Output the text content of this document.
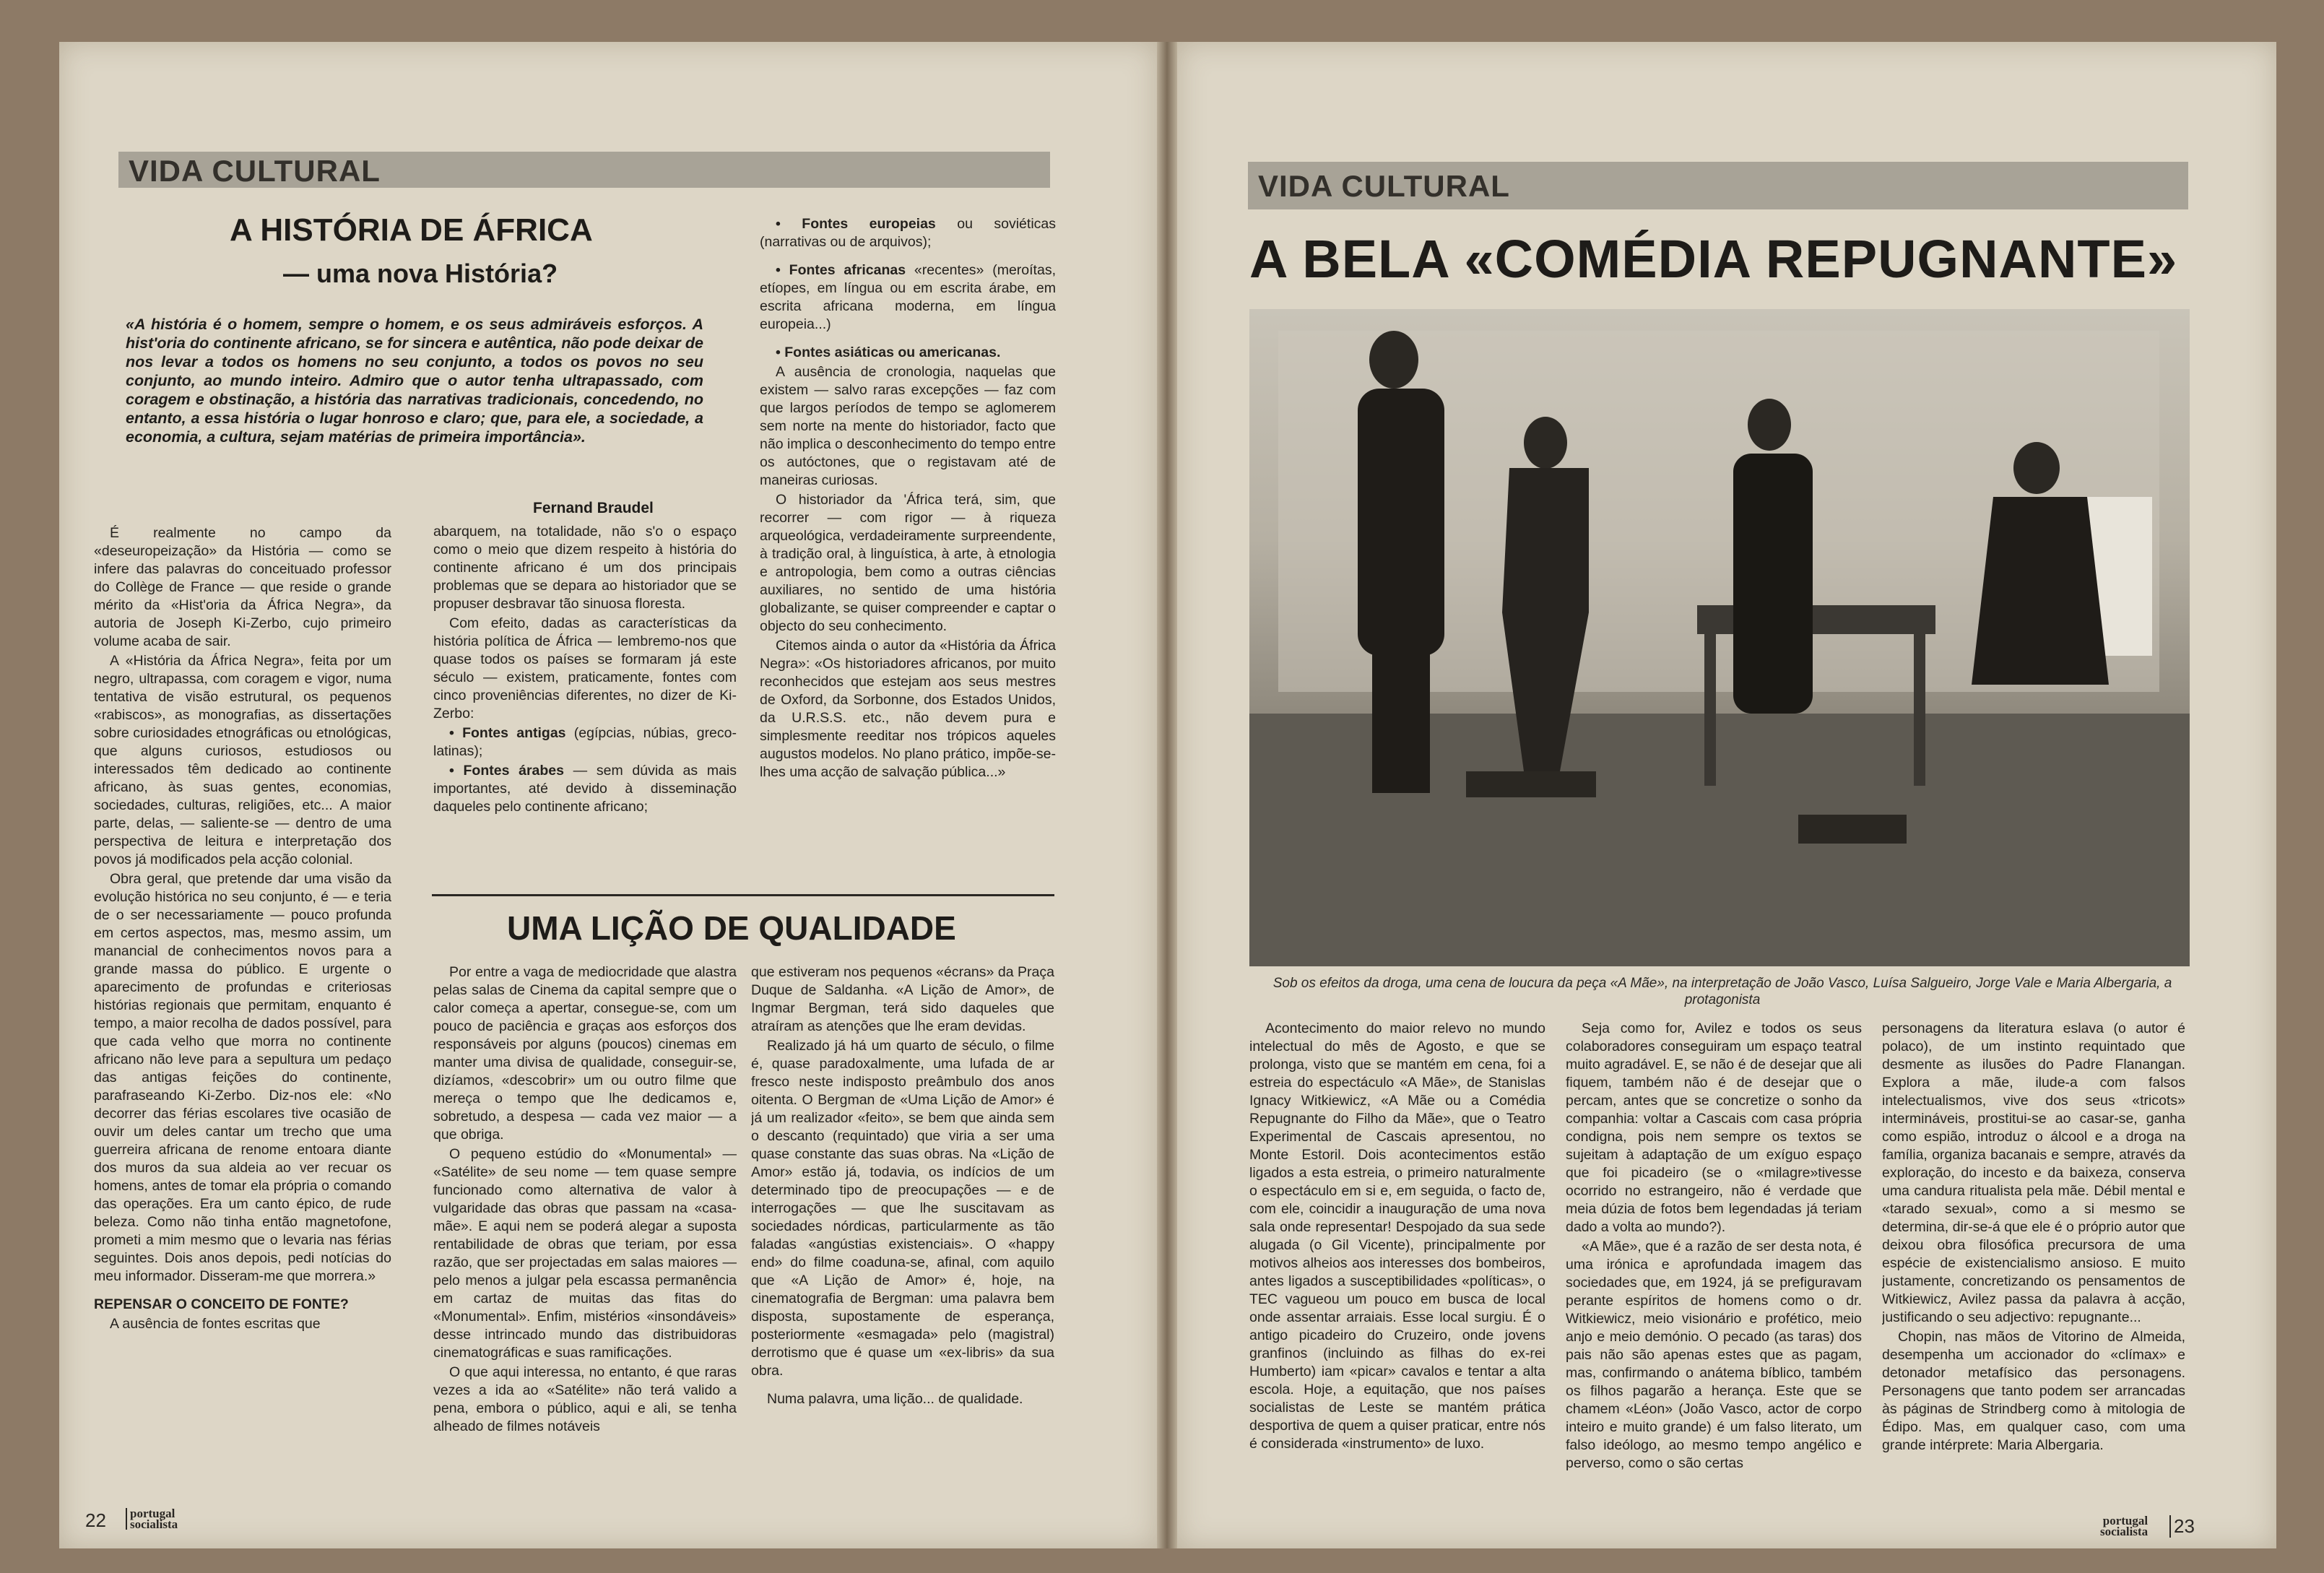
VIDA CULTURAL
A HISTÓRIA DE ÁFRICA
— uma nova História?
«A história é o homem, sempre o homem, e os seus admiráveis esforços. A hist'oria do continente africano, se for sincera e autêntica, não pode deixar de nos levar a todos os homens no seu conjunto, a todos os povos no seu conjunto, ao mundo inteiro. Admiro que o autor tenha ultrapassado, com coragem e obstinação, a história das narrativas tradicionais, concedendo, no entanto, a essa história o lugar honroso e claro; que, para ele, a sociedade, a economia, a cultura, sejam matérias de primeira importância».
Fernand Braudel

É realmente no campo da «deseuropeização» da História — como se infere das palavras do conceituado professor do Collège de France — que reside o grande mérito da «Hist'oria da África Negra», da autoria de Joseph Ki-Zerbo, cujo primeiro volume acaba de sair.

A «História da África Negra», feita por um negro, ultrapassa, com coragem e vigor, numa tentativa de visão estrutural, os pequenos «rabiscos», as monografias, as dissertações sobre curiosidades etnográficas ou etnológicas, que alguns curiosos, estudiosos ou interessados têm dedicado ao continente africano, às suas gentes, economias, sociedades, culturas, religiões, etc... A maior parte, delas, — saliente-se — dentro de uma perspectiva de leitura e interpretação dos povos já modificados pela acção colonial.

Obra geral, que pretende dar uma visão da evolução histórica no seu conjunto, é — e teria de o ser necessariamente — pouco profunda em certos aspectos, mas, mesmo assim, um manancial de conhecimentos novos para a grande massa do público. E urgente o aparecimento de profundas e criteriosas histórias regionais que permitam, enquanto é tempo, a maior recolha de dados possível, para que cada velho que morra no continente africano não leve para a sepultura um pedaço das antigas feições do continente, parafraseando Ki-Zerbo. Diz-nos ele: «No decorrer das férias escolares tive ocasião de ouvir um deles cantar um trecho que uma guerreira africana de renome entoara diante dos muros da sua aldeia ao ver recuar os homens, antes de tomar ela própria o comando das operações. Era um canto épico, de rude beleza. Como não tinha então magnetofone, prometi a mim mesmo que o levaria nas férias seguintes. Dois anos depois, pedi notícias do meu informador. Disseram-me que morrera.»

REPENSAR O CONCEITO DE FONTE?

A ausência de fontes escritas que

abarquem, na totalidade, não s'o o espaço como o meio que dizem respeito à história do continente africano é um dos principais problemas que se depara ao historiador que se propuser desbravar tão sinuosa floresta.

Com efeito, dadas as características da história política de África — lembremo-nos que quase todos os países se formaram já este século — existem, praticamente, fontes com cinco proveniências diferentes, no dizer de Ki-Zerbo:

• Fontes antigas (egípcias, núbias, greco-latinas);

• Fontes árabes — sem dúvida as mais importantes, até devido à disseminação daqueles pelo continente africano;

• Fontes europeias ou soviéticas (narrativas ou de arquivos);

• Fontes africanas «recentes» (meroítas, etíopes, em língua ou em escrita árabe, em escrita africana moderna, em língua europeia...)

• Fontes asiáticas ou americanas.

A ausência de cronologia, naquelas que existem — salvo raras excepções — faz com que largos períodos de tempo se aglomerem sem norte na mente do historiador, facto que não implica o desconhecimento do tempo entre os autóctones, que o registavam até de maneiras curiosas.

O historiador da 'África terá, sim, que recorrer — com rigor — à riqueza arqueológica, verdadeiramente surpreendente, à tradição oral, à linguística, à arte, à etnologia e antropologia, bem como a outras ciências auxiliares, no sentido de uma história globalizante, se quiser compreender e captar o objecto do seu conhecimento.

Citemos ainda o autor da «História da África Negra»: «Os historiadores africanos, por muito reconhecidos que estejam aos seus mestres de Oxford, da Sorbonne, dos Estados Unidos, da U.R.S.S. etc., não devem pura e simplesmente reeditar nos trópicos aqueles augustos modelos. No plano prático, impõe-se-lhes uma acção de salvação pública...»

UMA LIÇÃO DE QUALIDADE

Por entre a vaga de mediocridade que alastra pelas salas de Cinema da capital sempre que o calor começa a apertar, consegue-se, com um pouco de paciência e graças aos esforços dos responsáveis por alguns (poucos) cinemas em manter uma divisa de qualidade, conseguir-se, dizíamos, «descobrir» um ou outro filme que mereça o tempo que lhe dedicamos e, sobretudo, a despesa — cada vez maior — a que obriga.

O pequeno estúdio do «Monumental» — «Satélite» de seu nome — tem quase sempre funcionado como alternativa de valor à vulgaridade das obras que passam na «casa-mãe». E aqui nem se poderá alegar a suposta rentabilidade de obras que teriam, por essa razão, que ser projectadas em salas maiores — pelo menos a julgar pela escassa permanência em cartaz de muitas das fitas do «Monumental». Enfim, mistérios «insondáveis» desse intrincado mundo das distribuidoras cinematográficas e suas ramificações.

O que aqui interessa, no entanto, é que raras vezes a ida ao «Satélite» não terá valido a pena, embora o público, aqui e ali, se tenha alheado de filmes notáveis

que estiveram nos pequenos «écrans» da Praça Duque de Saldanha. «A Lição de Amor», de Ingmar Bergman, terá sido daqueles que atraíram as atenções que lhe eram devidas.

Realizado já há um quarto de século, o filme é, quase paradoxalmente, uma lufada de ar fresco neste indisposto preâmbulo dos anos oitenta. O Bergman de «Uma Lição de Amor» é já um realizador «feito», se bem que ainda sem o descanto (requintado) que viria a ser uma quase constante das suas obras. Na «Lição de Amor» estão já, todavia, os indícios de um determinado tipo de preocupações — e de interrogações — que lhe suscitavam as sociedades nórdicas, particularmente as tão faladas «angústias existenciais». O «happy end» do filme coaduna-se, afinal, com aquilo que «A Lição de Amor» é, hoje, na cinematografia de Bergman: uma palavra bem disposta, supostamente de esperança, posteriormente «esmagada» pelo (magistral) derrotismo que é quase um «ex-libris» da sua obra.

Numa palavra, uma lição... de qualidade.

22 portugal
socialista
VIDA CULTURAL
A BELA «COMÉDIA REPUGNANTE»
Sob os efeitos da droga, uma cena de loucura da peça «A Mãe», na interpretação de João Vasco, Luísa Salgueiro, Jorge Vale e Maria Albergaria, a protagonista

Acontecimento do maior relevo no mundo intelectual do mês de Agosto, e que se prolonga, visto que se mantém em cena, foi a estreia do espectáculo «A Mãe», de Stanislas Ignacy Witkiewicz, «A Mãe ou a Comédia Repugnante do Filho da Mãe», que o Teatro Experimental de Cascais apresentou, no Monte Estoril. Dois acontecimentos estão ligados a esta estreia, o primeiro naturalmente o espectáculo em si e, em seguida, o facto de, com ele, coincidir a inauguração de uma nova sala onde representar! Despojado da sua sede alugada (o Gil Vicente), principalmente por motivos alheios aos interesses dos bombeiros, antes ligados a susceptibilidades «políticas», o TEC vagueou um pouco em busca de local onde assentar arraiais. Esse local surgiu. É o antigo picadeiro do Cruzeiro, onde jovens granfinos (incluindo as filhas do ex-rei Humberto) iam «picar» cavalos e tentar a alta escola. Hoje, a equitação, que nos países socialistas de Leste se mantém prática desportiva de quem a quiser praticar, entre nós é considerada «instrumento» de luxo.

Seja como for, Avilez e todos os seus colaboradores conseguiram um espaço teatral muito agradável. E, se não é de desejar que ali fiquem, também não é de desejar que o percam, antes que se concretize o sonho da companhia: voltar a Cascais com casa própria condigna, pois nem sempre os textos se sujeitam à adaptação de um exíguo espaço que foi picadeiro (se o «milagre»tivesse ocorrido no estrangeiro, não é verdade que meia dúzia de fotos bem legendadas já teriam dado a volta ao mundo?).

«A Mãe», que é a razão de ser desta nota, é uma irónica e aprofundada imagem das sociedades que, em 1924, já se prefiguravam perante espíritos de homens como o dr. Witkiewicz, meio visionário e profético, meio anjo e meio demónio. O pecado (as taras) dos pais não são apenas estes que as pagam, mas, confirmando o anátema bíblico, também os filhos pagarão a herança. Este que se chamem «Léon» (João Vasco, actor de corpo inteiro e muito grande) é um falso literato, um falso ideólogo, ao mesmo tempo angélico e perverso, como o são certas

personagens da literatura eslava (o autor é polaco), de um instinto requintado que desmente as ilusões do Padre Flanangan. Explora a mãe, ilude-a com falsos intelectualismos, vive dos seus «tricots» intermináveis, prostitui-se ao casar-se, ganha como espião, introduz o álcool e a droga na família, organiza bacanais e sempre, através da exploração, do incesto e da baixeza, conserva uma candura ritualista pela mãe. Débil mental e «tarado sexual», como a si mesmo se determina, dir-se-á que ele é o próprio autor que deixou obra filosófica precursora de uma espécie de existencialismo ansioso. E muito justamente, concretizando os pensamentos de Witkiewicz, Avilez passa da palavra à acção, justificando o seu adjectivo: repugnante...

Chopin, nas mãos de Vitorino de Almeida, desempenha um accionador do «clímax» e detonador metafísico das personagens. Personagens que tanto podem ser arrancadas às páginas de Strindberg como à mitologia de Édipo. Mas, em qualquer caso, com uma grande intérprete: Maria Albergaria.

portugal
socialista 23
